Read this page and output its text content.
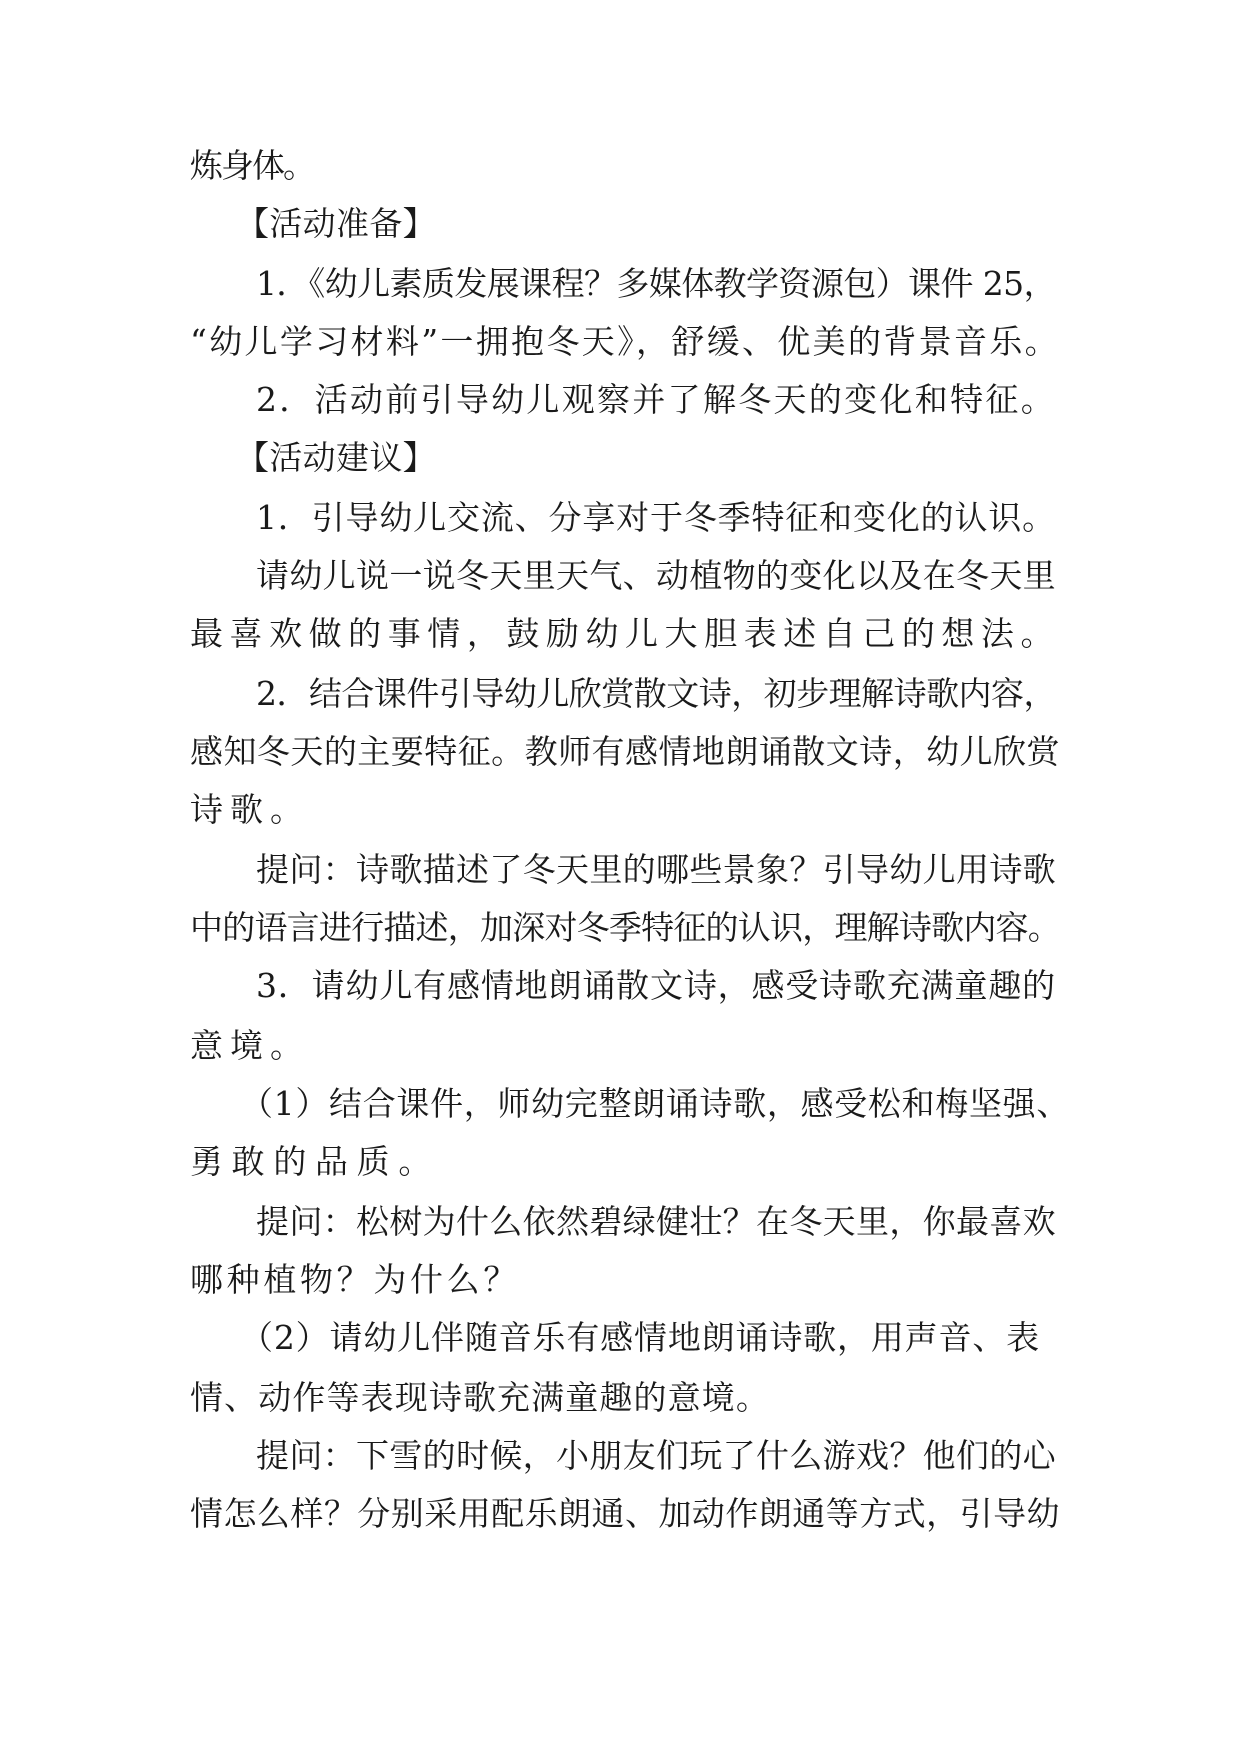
炼身体。
【活动准备】
1．《幼儿素质发展课程？多媒体教学资源包）课件 25，
“幼儿学习材料”一拥抱冬天》，舒缓、优美的背景音乐。
2．活动前引导幼儿观察并了解冬天的变化和特征。
【活动建议】
1．引导幼儿交流、分享对于冬季特征和变化的认识。
请幼儿说一说冬天里天气、动植物的变化以及在冬天里
最喜欢做的事情，鼓励幼儿大胆表述自己的想法。
2．结合课件引导幼儿欣赏散文诗，初步理解诗歌内容，
感知冬天的主要特征。教师有感情地朗诵散文诗，幼儿欣赏
诗歌。
提问：诗歌描述了冬天里的哪些景象？引导幼儿用诗歌
中的语言进行描述，加深对冬季特征的认识，理解诗歌内容。
3．请幼儿有感情地朗诵散文诗，感受诗歌充满童趣的
意境。
（1）结合课件，师幼完整朗诵诗歌，感受松和梅坚强、
勇敢的品质。
提问：松树为什么依然碧绿健壮？在冬天里，你最喜欢
哪种植物？为什么？
（2）请幼儿伴随音乐有感情地朗诵诗歌，用声音、表
情、动作等表现诗歌充满童趣的意境。
提问：下雪的时候，小朋友们玩了什么游戏？他们的心
情怎么样？分别采用配乐朗通、加动作朗通等方式，引导幼
